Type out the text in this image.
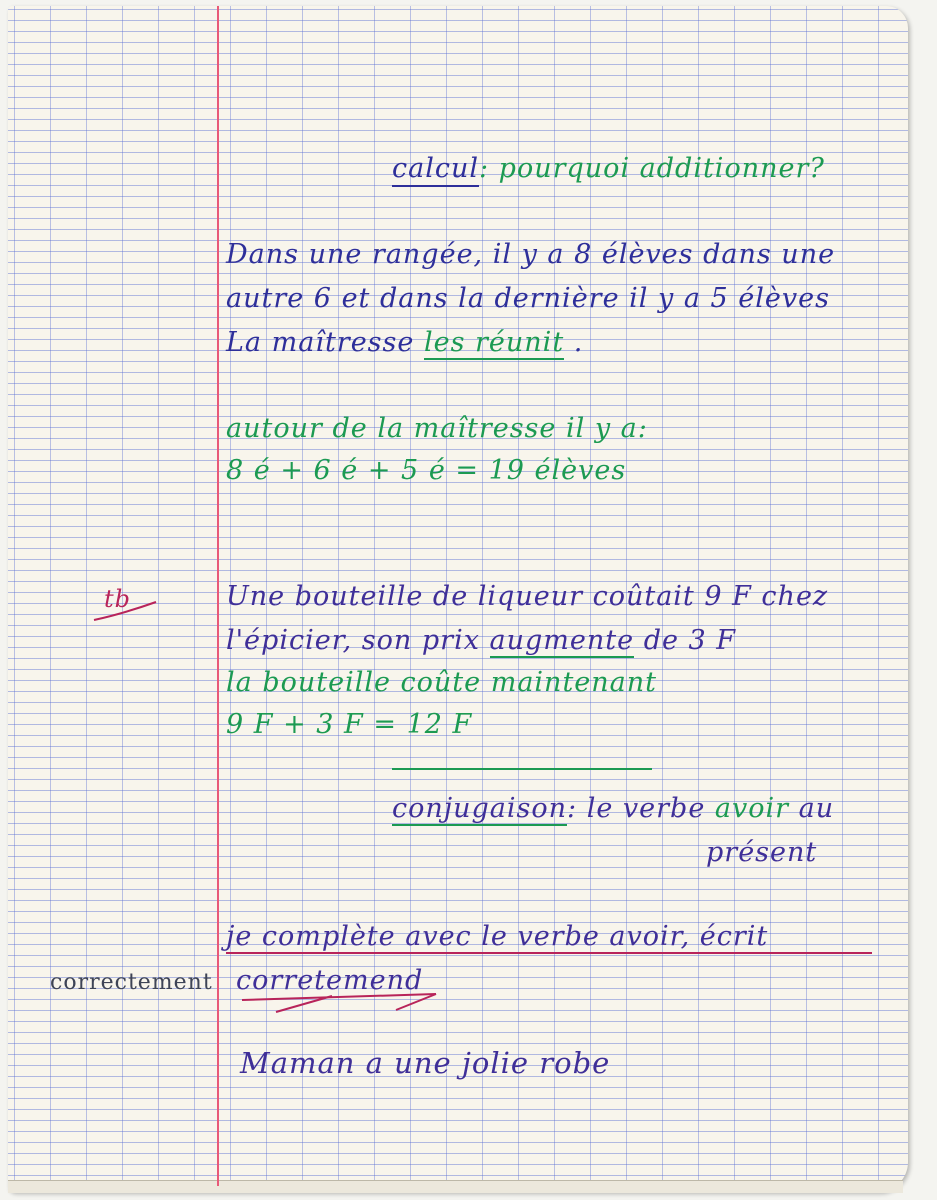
calcul: pourquoi additionner?
Dans une rangée, il y a 8 élèves dans une
autre 6 et dans la dernière il y a 5 élèves
La maîtresse les réunit .
autour de la maîtresse il y a:
8 é + 6 é + 5 é = 19 élèves
tb	Une bouteille de liqueur coûtait 9 F chez
l'épicier, son prix augmente de 3 F
la bouteille coûte maintenant
9 F + 3 F = 12 F
conjugaison: le verbe avoir au
présent
je complète avec le verbe avoir, écrit
correctement corretemend
Maman a une jolie robe
